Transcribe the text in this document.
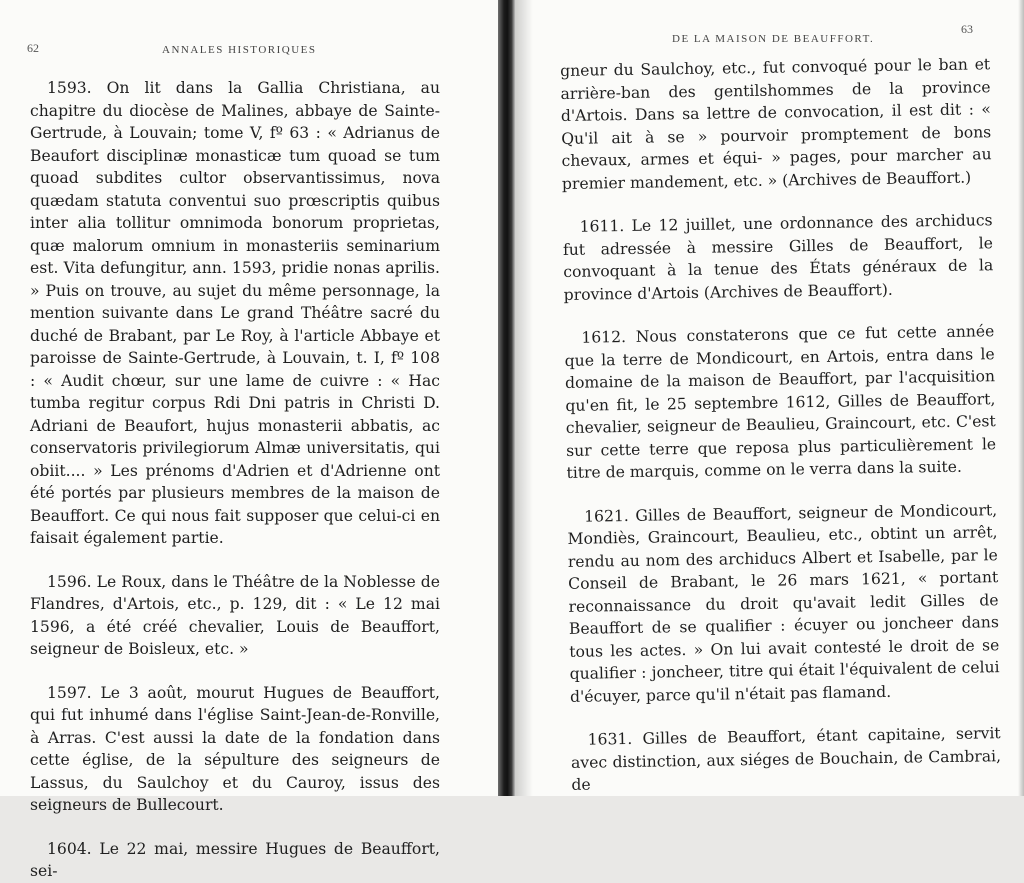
62	ANNALES HISTORIQUES

1593. On lit dans la Gallia Christiana, au chapitre du diocèse de Malines, abbaye de Sainte-Gertrude, à Louvain; tome V, fº 63 : « Adrianus de Beaufort disciplinæ monasticæ tum quoad se tum quoad subdites cultor observantissimus, nova quædam statuta conventui suo prœscriptis quibus inter alia tollitur omnimoda bonorum proprietas, quæ malorum omnium in monasteriis seminarium est. Vita defungitur, ann. 1593, pridie nonas aprilis. » Puis on trouve, au sujet du même personnage, la mention suivante dans Le grand Théâtre sacré du duché de Brabant, par Le Roy, à l'article Abbaye et paroisse de Sainte-Gertrude, à Louvain, t. I, fº 108 : « Audit chœur, sur une lame de cuivre : « Hac tumba regitur corpus Rdi Dni patris in Christi D. Adriani de Beaufort, hujus monasterii abbatis, ac conservatoris privilegiorum Almæ universitatis, qui obiit.... » Les prénoms d'Adrien et d'Adrienne ont été portés par plusieurs membres de la maison de Beauffort. Ce qui nous fait supposer que celui-ci en faisait également partie.

1596. Le Roux, dans le Théâtre de la Noblesse de Flandres, d'Artois, etc., p. 129, dit : « Le 12 mai 1596, a été créé chevalier, Louis de Beauffort, seigneur de Boisleux, etc. »

1597. Le 3 août, mourut Hugues de Beauffort, qui fut inhumé dans l'église Saint-Jean-de-Ronville, à Arras. C'est aussi la date de la fondation dans cette église, de la sépulture des seigneurs de Lassus, du Saulchoy et du Cauroy, issus des seigneurs de Bullecourt.

1604. Le 22 mai, messire Hugues de Beauffort, sei-

DE LA MAISON DE BEAUFFORT.
63

gneur du Saulchoy, etc., fut convoqué pour le ban et arrière-ban des gentilshommes de la province d'Artois. Dans sa lettre de convocation, il est dit : « Qu'il ait à se » pourvoir promptement de bons chevaux, armes et équi- » pages, pour marcher au premier mandement, etc. » (Archives de Beauffort.)

1611. Le 12 juillet, une ordonnance des archiducs fut adressée à messire Gilles de Beauffort, le convoquant à la tenue des États généraux de la province d'Artois (Archives de Beauffort).

1612. Nous constaterons que ce fut cette année que la terre de Mondicourt, en Artois, entra dans le domaine de la maison de Beauffort, par l'acquisition qu'en fit, le 25 septembre 1612, Gilles de Beauffort, chevalier, seigneur de Beaulieu, Graincourt, etc. C'est sur cette terre que reposa plus particulièrement le titre de marquis, comme on le verra dans la suite.

1621. Gilles de Beauffort, seigneur de Mondicourt, Mondiès, Graincourt, Beaulieu, etc., obtint un arrêt, rendu au nom des archiducs Albert et Isabelle, par le Conseil de Brabant, le 26 mars 1621, « portant reconnaissance du droit qu'avait ledit Gilles de Beauffort de se qualifier : écuyer ou joncheer dans tous les actes. » On lui avait contesté le droit de se qualifier : joncheer, titre qui était l'équivalent de celui d'écuyer, parce qu'il n'était pas flamand.

1631. Gilles de Beauffort, étant capitaine, servit avec distinction, aux siéges de Bouchain, de Cambrai, de
